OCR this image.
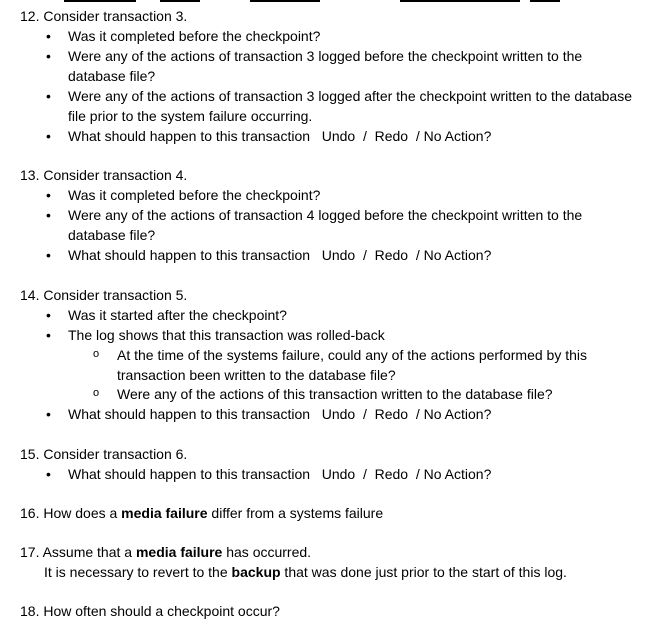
12. Consider transaction 3.
• Was it completed before the checkpoint?
• Were any of the actions of transaction 3 logged before the checkpoint written to the database file?
• Were any of the actions of transaction 3 logged after the checkpoint written to the database file prior to the system failure occurring.
• What should happen to this transaction   Undo  /  Redo  / No Action?
13. Consider transaction 4.
• Was it completed before the checkpoint?
• Were any of the actions of transaction 4 logged before the checkpoint written to the database file?
• What should happen to this transaction   Undo  /  Redo  / No Action?
14. Consider transaction 5.
• Was it started after the checkpoint?
• The log shows that this transaction was rolled-back
o At the time of the systems failure, could any of the actions performed by this transaction been written to the database file?
o Were any of the actions of this transaction written to the database file?
• What should happen to this transaction   Undo  /  Redo  / No Action?
15. Consider transaction 6.
• What should happen to this transaction   Undo  /  Redo  / No Action?
16. How does a media failure differ from a systems failure
17. Assume that a media failure has occurred.
It is necessary to revert to the backup that was done just prior to the start of this log.
18. How often should a checkpoint occur?
